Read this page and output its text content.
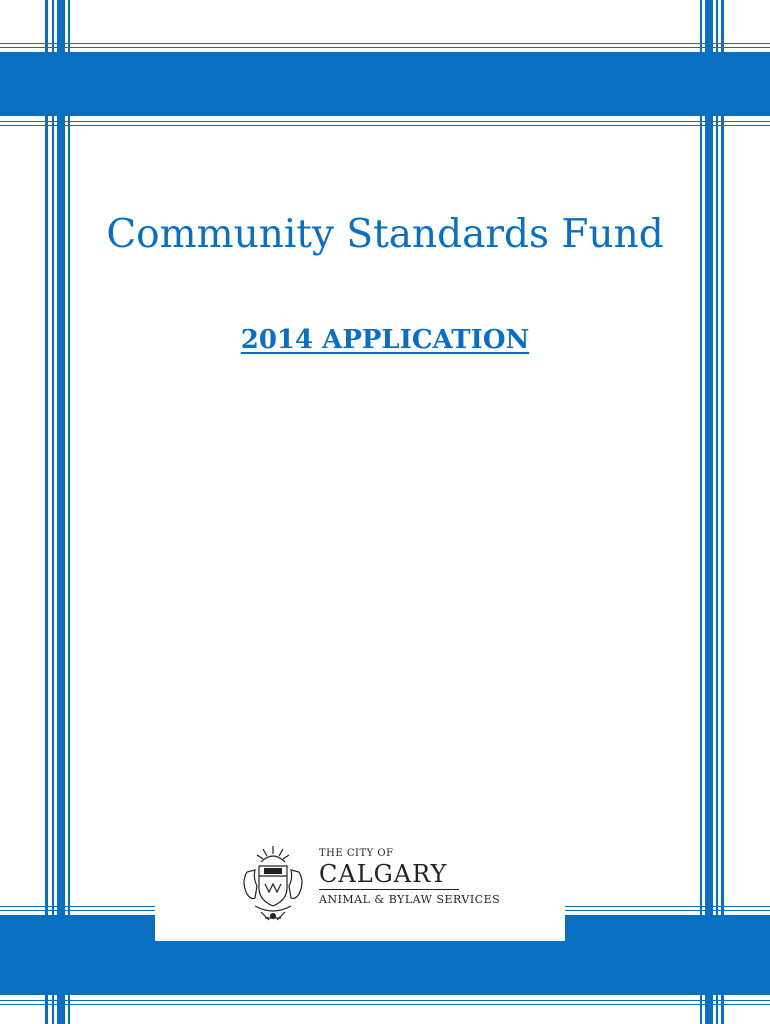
Community Standards Fund
2014 APPLICATION
THE CITY OF
CALGARY
ANIMAL & BYLAW SERVICES
